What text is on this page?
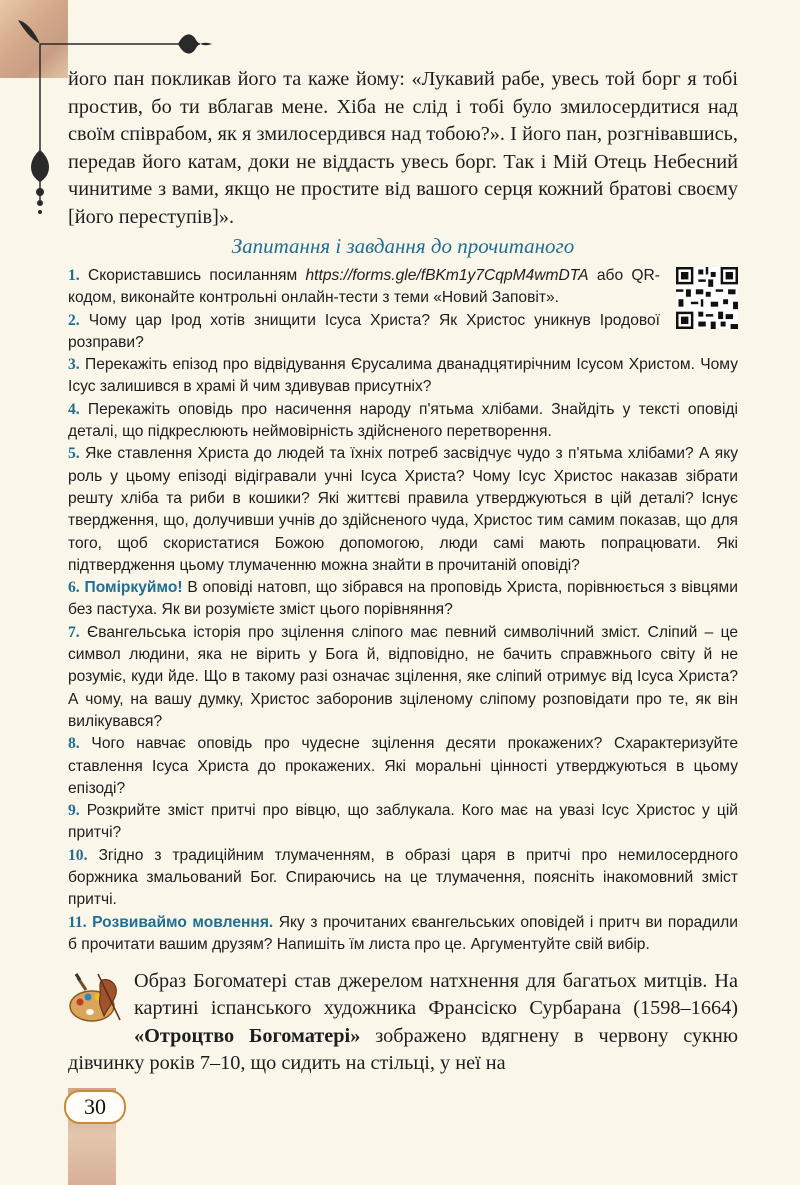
його пан покликав його та каже йому: «Лукавий рабе, увесь той борг я тобі простив, бо ти вблагав мене. Хіба не слід і тобі було змилосердитися над своїм співрабом, як я змилосердився над тобою?». І його пан, розгнівавшись, передав його катам, доки не віддасть увесь борг. Так і Мій Отець Небесний чинитиме з вами, якщо не простите від вашого серця кожний братові своєму [його переступів]».

Запитання і завдання до прочитаного

1. Скориставшись посиланням https://forms.gle/fBKm1y7CqpM4wmDTA або QR-кодом, виконайте контрольні онлайн-тести з теми «Новий Заповіт».

2. Чому цар Ірод хотів знищити Ісуса Христа? Як Христос уникнув Іродової розправи?

3. Перекажіть епізод про відвідування Єрусалима дванадцятирічним Ісусом Христом. Чому Ісус залишився в храмі й чим здивував присутніх?

4. Перекажіть оповідь про насичення народу п'ятьма хлібами. Знайдіть у тексті оповіді деталі, що підкреслюють неймовірність здійсненого перетворення.

5. Яке ставлення Христа до людей та їхніх потреб засвідчує чудо з п'ятьма хлібами? А яку роль у цьому епізоді відігравали учні Ісуса Христа? Чому Ісус Христос наказав зібрати решту хліба та риби в кошики? Які життєві правила утверджуються в цій деталі? Існує твердження, що, долучивши учнів до здійсненого чуда, Христос тим самим показав, що для того, щоб скористатися Божою допомогою, люди самі мають попрацювати. Які підтвердження цьому тлумаченню можна знайти в прочитаній оповіді?

6. Поміркуймо! В оповіді натовп, що зібрався на проповідь Христа, порівнюється з вівцями без пастуха. Як ви розумієте зміст цього порівняння?

7. Євангельська історія про зцілення сліпого має певний символічний зміст. Сліпий – це символ людини, яка не вірить у Бога й, відповідно, не бачить справжнього світу й не розуміє, куди йде. Що в такому разі означає зцілення, яке сліпий отримує від Ісуса Христа? А чому, на вашу думку, Христос заборонив зціленому сліпому розповідати про те, як він вилікувався?

8. Чого навчає оповідь про чудесне зцілення десяти прокажених? Схарактеризуйте ставлення Ісуса Христа до прокажених. Які моральні цінності утверджуються в цьому епізоді?

9. Розкрийте зміст притчі про вівцю, що заблукала. Кого має на увазі Ісус Христос у цій притчі?

10. Згідно з традиційним тлумаченням, в образі царя в притчі про немилосердного боржника змальований Бог. Спираючись на це тлумачення, поясніть інакомовний зміст притчі.

11. Розвиваймо мовлення. Яку з прочитаних євангельських оповідей і притч ви порадили б прочитати вашим друзям? Напишіть їм листа про це. Аргументуйте свій вибір.

Образ Богоматері став джерелом натхнення для багатьох митців. На картині іспанського художника Франсіско Сурбарана (1598–1664) «Отроцтво Богоматері» зображено вдягнену в червону сукню дівчинку років 7–10, що сидить на стільці, у неї на
30
